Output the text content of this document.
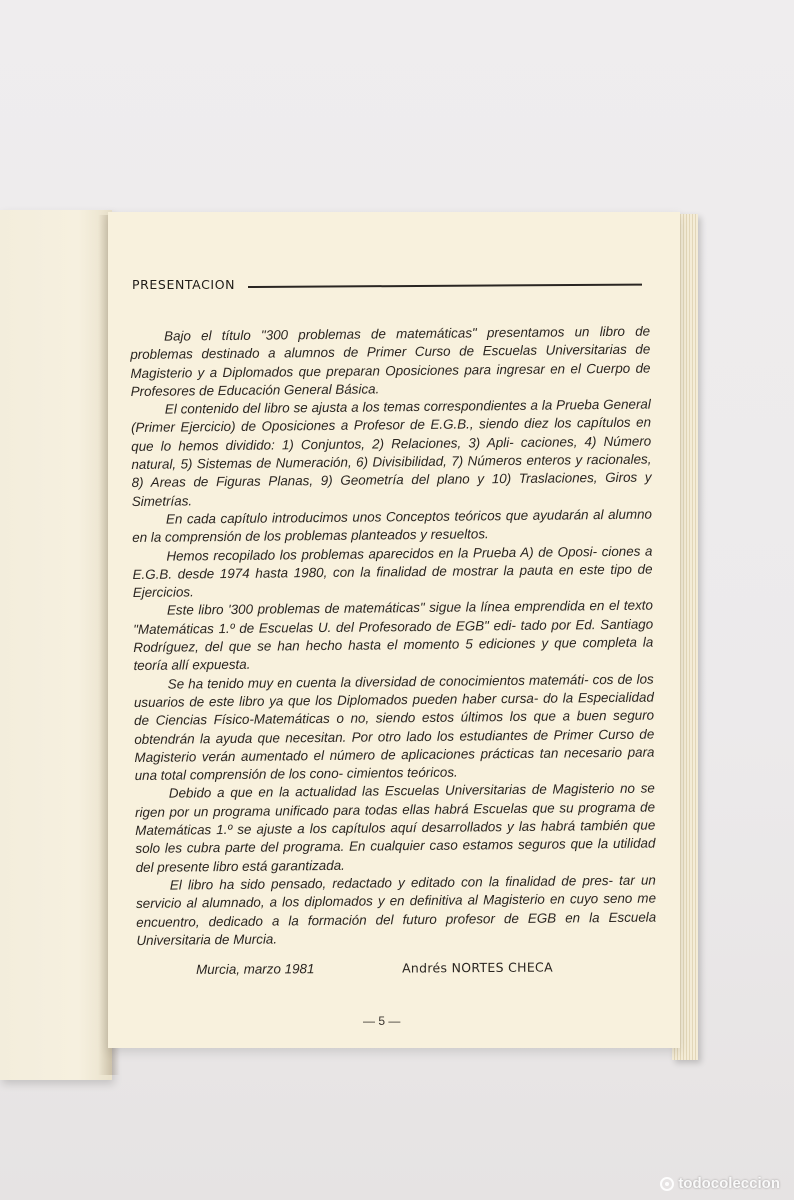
PRESENTACION

Bajo el título "300 problemas de matemáticas" presentamos un libro de problemas destinado a alumnos de Primer Curso de Escuelas Universitarias de Magisterio y a Diplomados que preparan Oposiciones para ingresar en el Cuerpo de Profesores de Educación General Básica.

El contenido del libro se ajusta a los temas correspondientes a la Prueba General (Primer Ejercicio) de Oposiciones a Profesor de E.G.B., siendo diez los capítulos en que lo hemos dividido: 1) Conjuntos, 2) Relaciones, 3) Apli- caciones, 4) Número natural, 5) Sistemas de Numeración, 6) Divisibilidad, 7) Números enteros y racionales, 8) Areas de Figuras Planas, 9) Geometría del plano y 10) Traslaciones, Giros y Simetrías.

En cada capítulo introducimos unos Conceptos teóricos que ayudarán al alumno en la comprensión de los problemas planteados y resueltos.

Hemos recopilado los problemas aparecidos en la Prueba A) de Oposi- ciones a E.G.B. desde 1974 hasta 1980, con la finalidad de mostrar la pauta en este tipo de Ejercicios.

Este libro '300 problemas de matemáticas" sigue la línea emprendida en el texto "Matemáticas 1.º de Escuelas U. del Profesorado de EGB" edi- tado por Ed. Santiago Rodríguez, del que se han hecho hasta el momento 5 ediciones y que completa la teoría allí expuesta.

Se ha tenido muy en cuenta la diversidad de conocimientos matemáti- cos de los usuarios de este libro ya que los Diplomados pueden haber cursa- do la Especialidad de Ciencias Físico-Matemáticas o no, siendo estos últimos los que a buen seguro obtendrán la ayuda que necesitan. Por otro lado los estudiantes de Primer Curso de Magisterio verán aumentado el número de aplicaciones prácticas tan necesario para una total comprensión de los cono- cimientos teóricos.

Debido a que en la actualidad las Escuelas Universitarias de Magisterio no se rigen por un programa unificado para todas ellas habrá Escuelas que su programa de Matemáticas 1.º se ajuste a los capítulos aquí desarrollados y las habrá también que solo les cubra parte del programa. En cualquier caso estamos seguros que la utilidad del presente libro está garantizada.

El libro ha sido pensado, redactado y editado con la finalidad de pres- tar un servicio al alumnado, a los diplomados y en definitiva al Magisterio en cuyo seno me encuentro, dedicado a la formación del futuro profesor de EGB en la Escuela Universitaria de Murcia.

Murcia, marzo 1981	Andrés NORTES CHECA
— 5 —
todocoleccion
